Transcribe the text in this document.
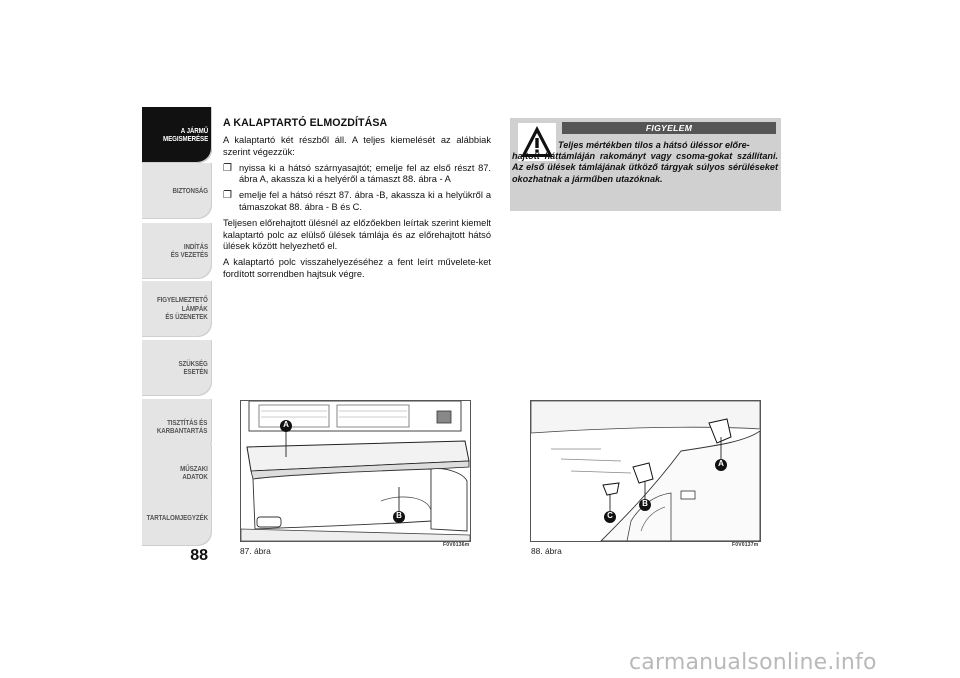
A JÁRMŰ
MEGISMERÉSE
BIZTONSÁG
INDÍTÁS
ÉS VEZETÉS
FIGYELMEZTETŐ
LÁMPÁK
ÉS ÜZENETEK
SZÜKSÉG
ESETÉN
TISZTÍTÁS ÉS
KARBANTARTÁS
MŰSZAKI
ADATOK
TARTALOMJEGYZÉK
88
A KALAPTARTÓ ELMOZDÍTÁSA

A kalaptartó két részből áll. A teljes kiemelését az alábbiak szerint végezzük:

❐ nyissa ki a hátsó szárnyasajtót; emelje fel az első részt 87. ábra A, akassza ki a helyéről a támaszt 88. ábra - A
❐ emelje fel a hátsó részt 87. ábra -B, akassza ki a helyükről a támaszokat 88. ábra - B és C.

Teljesen előrehajtott ülésnél az előzőekben leírtak szerint kiemelt kalaptartó polc az elülső ülések támlája és az előrehajtott hátsó ülések között helyezhető el.

A kalaptartó polc visszahelyezéséhez a fent leírt művelete-ket fordított sorrendben hajtsuk végre.

FIGYELEM
Teljes mértékben tilos a hátsó üléssor előre-
hajtott háttámláján rakományt vagy csoma-gokat szállítani. Az első ülések támlájának ütköző tárgyak súlyos sérüléseket okozhatnak a járműben utazóknak.
A
B
87. ábra
F0V0136m
A
B
C
88. ábra
F0V0137m
carmanualsonline.info
